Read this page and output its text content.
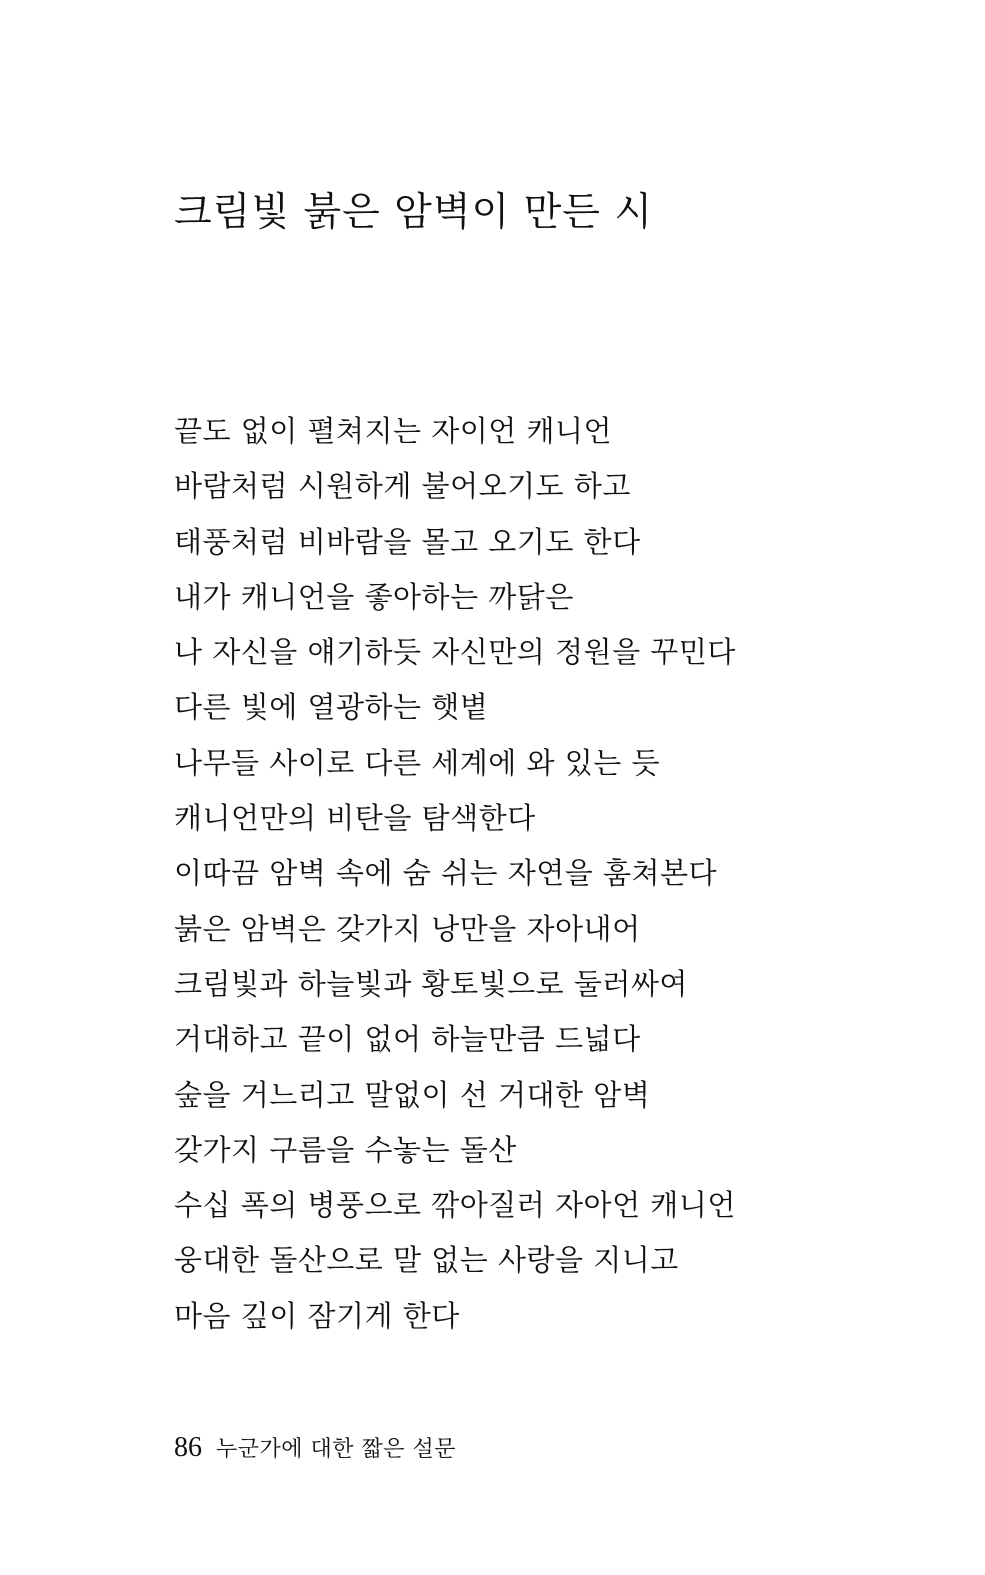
크림빛 붉은 암벽이 만든 시
끝도 없이 펼쳐지는 자이언 캐니언
바람처럼 시원하게 불어오기도 하고
태풍처럼 비바람을 몰고 오기도 한다
내가 캐니언을 좋아하는 까닭은
나 자신을 얘기하듯 자신만의 정원을 꾸민다
다른 빛에 열광하는 햇볕
나무들 사이로 다른 세계에 와 있는 듯
캐니언만의 비탄을 탐색한다
이따끔 암벽 속에 숨 쉬는 자연을 훔쳐본다
붉은 암벽은 갖가지 낭만을 자아내어
크림빛과 하늘빛과 황토빛으로 둘러싸여
거대하고 끝이 없어 하늘만큼 드넓다
숲을 거느리고 말없이 선 거대한 암벽
갖가지 구름을 수놓는 돌산
수십 폭의 병풍으로 깎아질러 자아언 캐니언
웅대한 돌산으로 말 없는 사랑을 지니고
마음 깊이 잠기게 한다
86 누군가에 대한 짧은 설문
